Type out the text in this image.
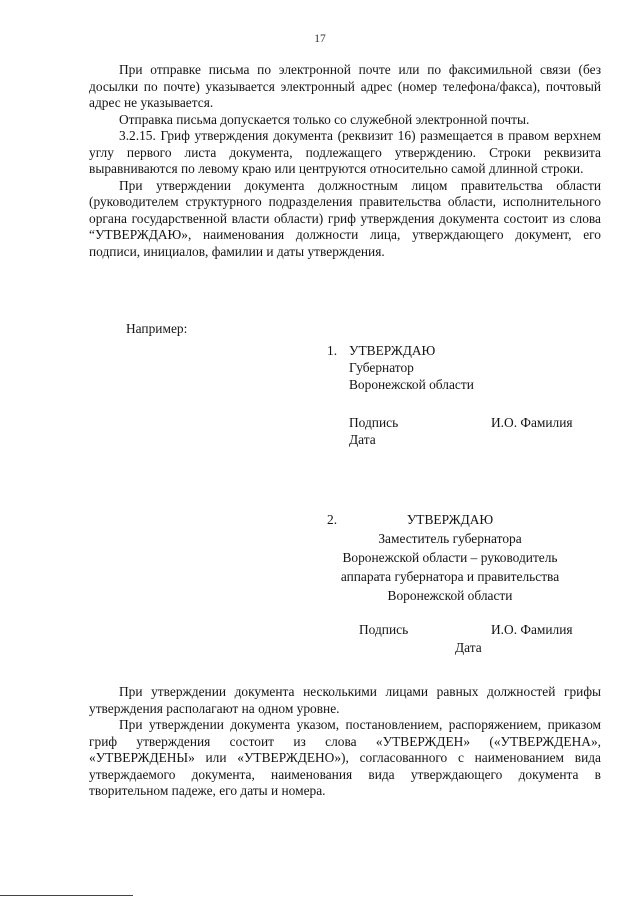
17

При отправке письма по электронной почте или по факсимильной связи (без досылки по почте) указывается электронный адрес (номер телефона/факса), почтовый адрес не указывается.

Отправка письма допускается только со служебной электронной почты.

3.2.15. Гриф утверждения документа (реквизит 16) размещается в правом верхнем углу первого листа документа, подлежащего утверждению. Строки реквизита выравниваются по левому краю или центруются относительно самой длинной строки.

При утверждении документа должностным лицом правительства области (руководителем структурного подразделения правительства области, исполнительного органа государственной власти области) гриф утверждения документа состоит из слова “УТВЕРЖДАЮ», наименования должности лица, утверждающего документ, его подписи, инициалов, фамилии и даты утверждения.

Например:
1. УТВЕРЖДАЮ
Губернатор
Воронежской области
Подпись	И.О. Фамилия
Дата
2.	УТВЕРЖДАЮ
Заместитель губернатора
Воронежской области – руководитель
аппарата губернатора и правительства
Воронежской области
Подпись	И.О. Фамилия
Дата

При утверждении документа несколькими лицами равных должностей грифы утверждения располагают на одном уровне.

При утверждении документа указом, постановлением, распоряжением, приказом гриф утверждения состоит из слова «УТВЕРЖДЕН» («УТВЕРЖДЕНА», «УТВЕРЖДЕНЫ» или «УТВЕРЖДЕНО»), согласованного с наименованием вида утверждаемого документа, наименования вида утверждающего документа в творительном падеже, его даты и номера.
